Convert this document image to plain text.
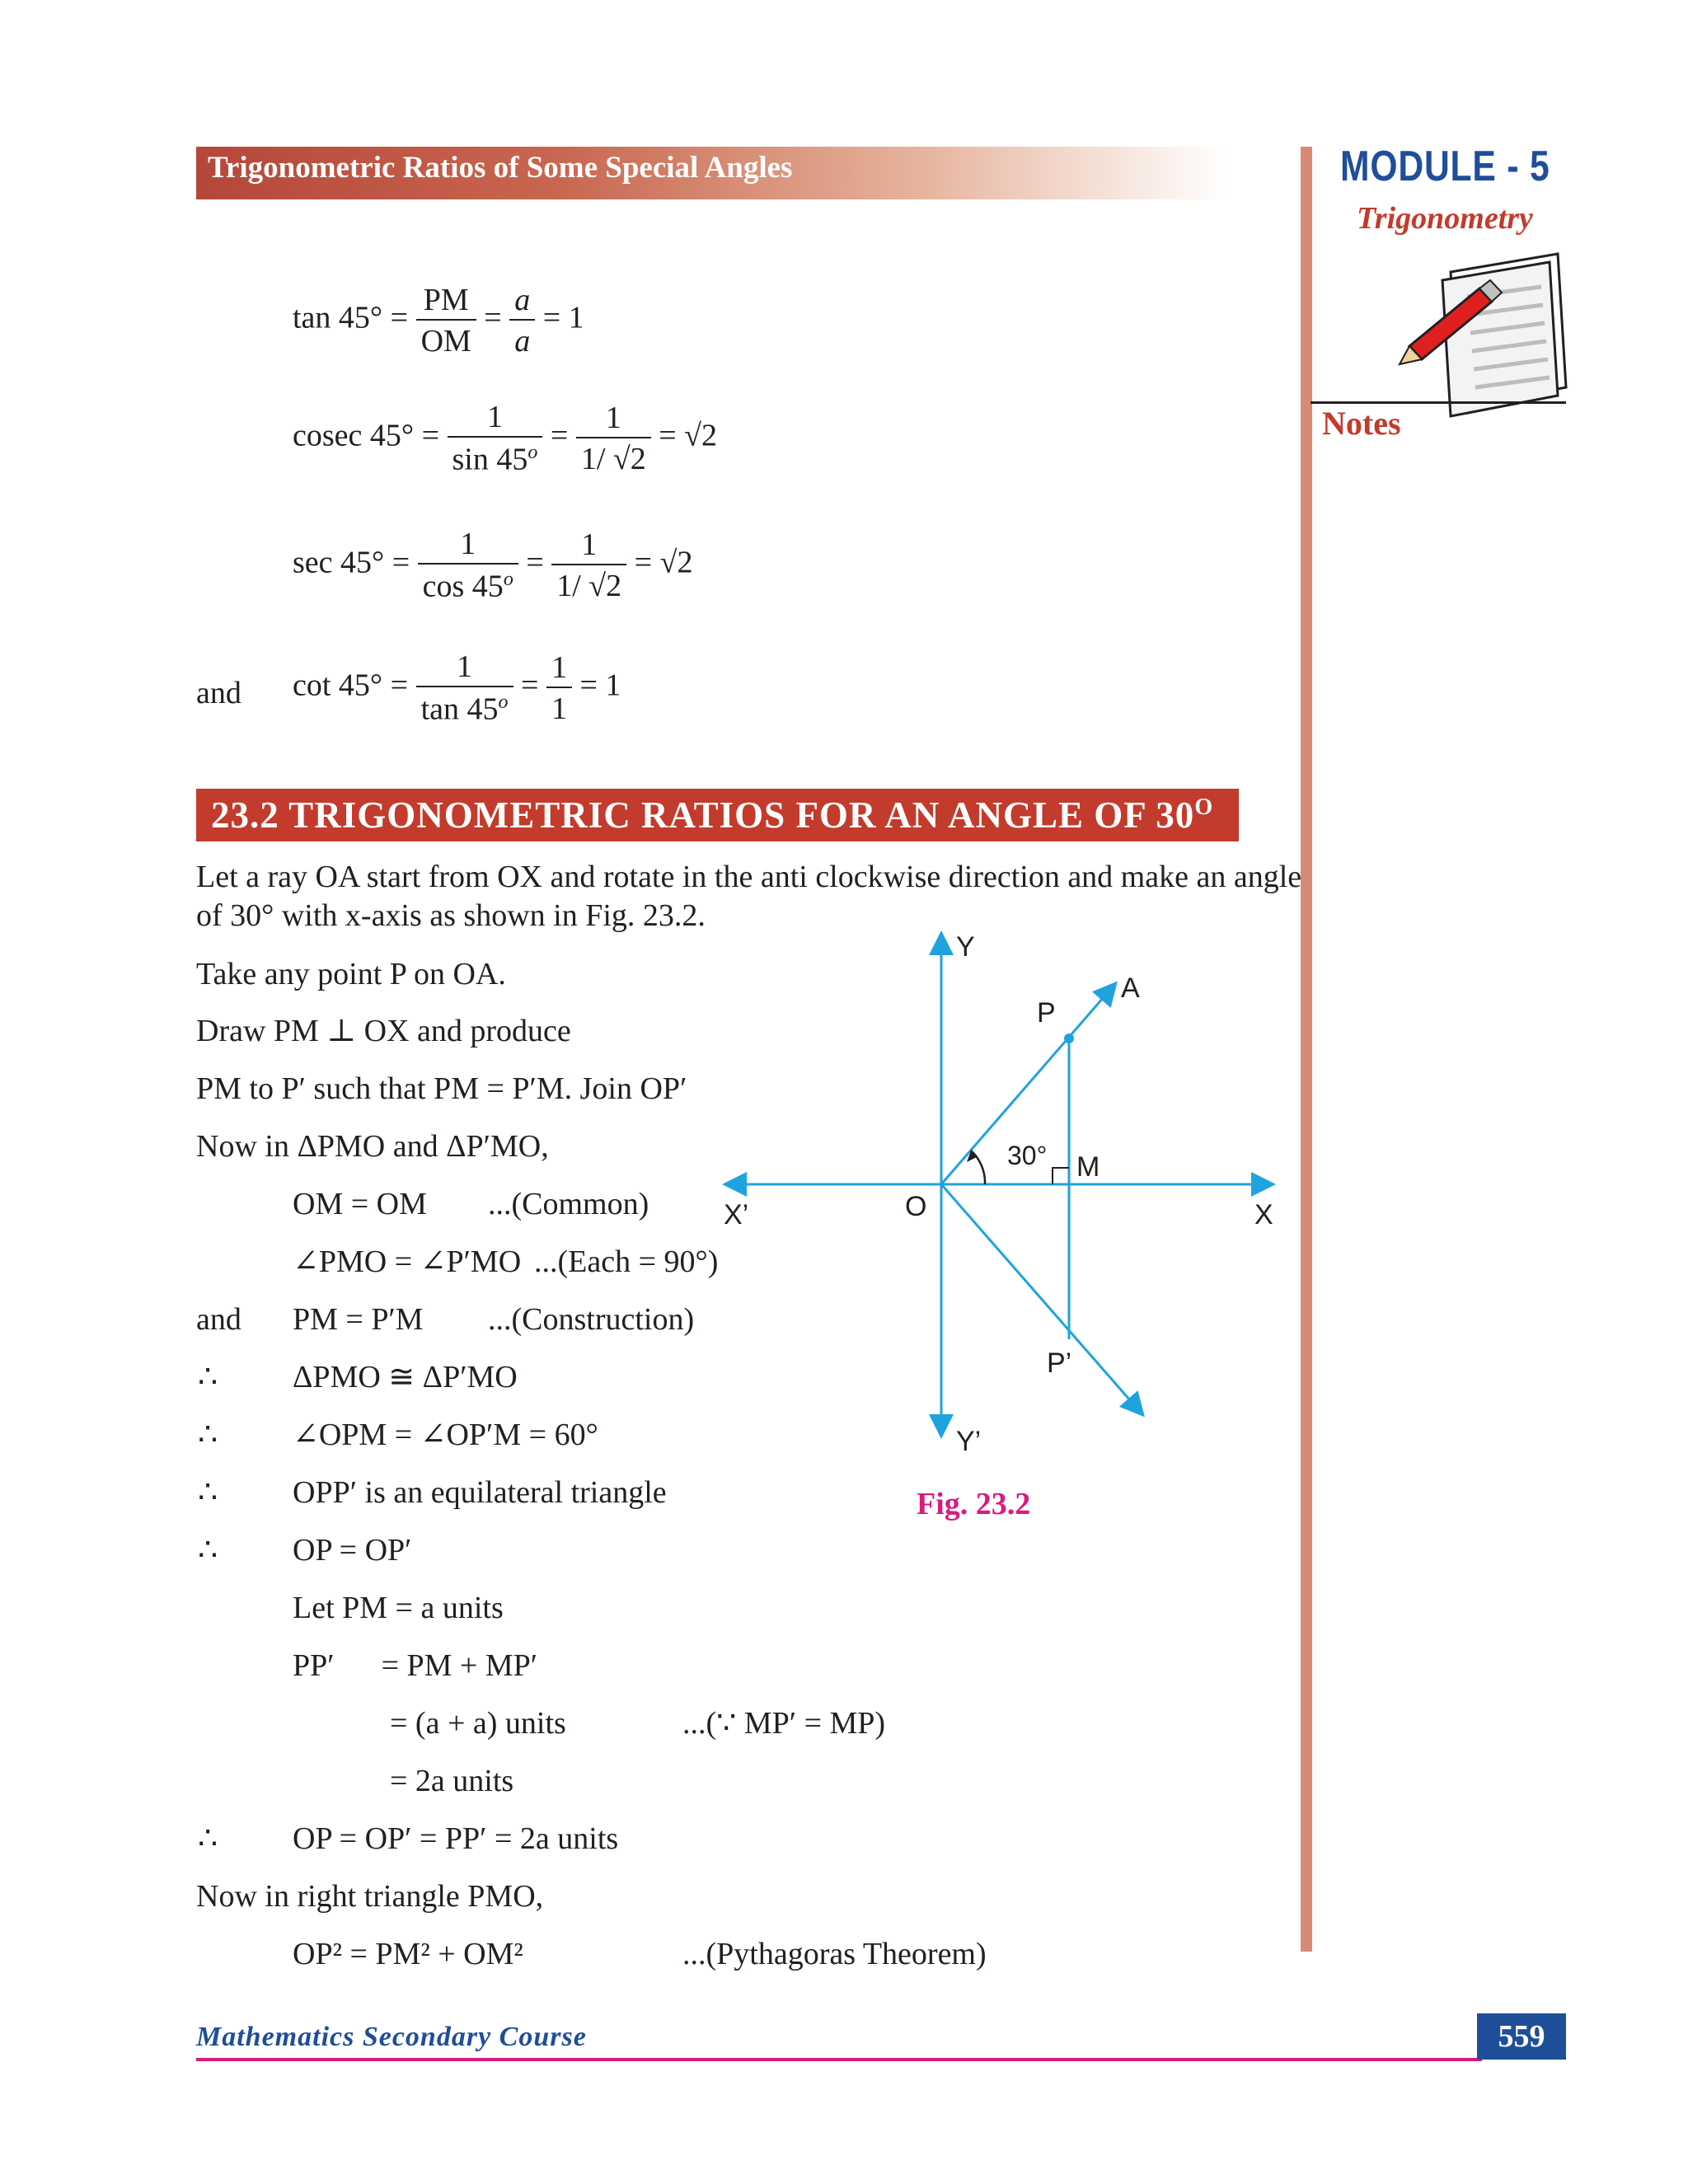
Trigonometric Ratios of Some Special Angles	MODULE - 5
Trigonometry
Notes
$\tan 45^\circ = \frac{PM}{OM} = \frac{a}{a} = 1$
cosec $45^\circ = \frac{1}{\sin 45^o} = \frac{1}{1/ √2} = √2$
$\sec 45^\circ = \frac{1}{\cos 45^o} = \frac{1}{1/ √2} = √2$
and $\cot 45^\circ = \frac{1}{\tan 45^o} = \frac{1}{1} = 1$
23.2 TRIGONOMETRIC RATIOS FOR AN ANGLE OF $30^O$
Let a ray OA start from OX and rotate in the anti clockwise direction and make an angle
of 30° with x-axis as shown in Fig. 23.2.
Take any point P on OA.
Draw PM ⊥ OX and produce
PM to P′ such that PM = P′M. Join OP′
Now in ΔPMO and ΔP′MO,
OM = OM ...(Common)
∠PMO = ∠P′MO ...(Each = 90°)
and PM = P′M ...(Construction)
∴ ΔPMO ≅ ΔP′MO
∴ ∠OPM = ∠OP′M = 60°
∴ OPP′ is an equilateral triangle
∴ OP = OP′
Let PM = a units
PP′      = PM + MP′
= (a + a) units	...(∵ MP′ = MP)
= 2a units
∴ OP = OP′ = PP′ = 2a units
Now in right triangle PMO,
OP² = PM² + OM²	...(Pythagoras Theorem)
Y
Y’
X
X’	O
A
P
P’
M
30°
Fig. 23.2
Mathematics Secondary Course	559
